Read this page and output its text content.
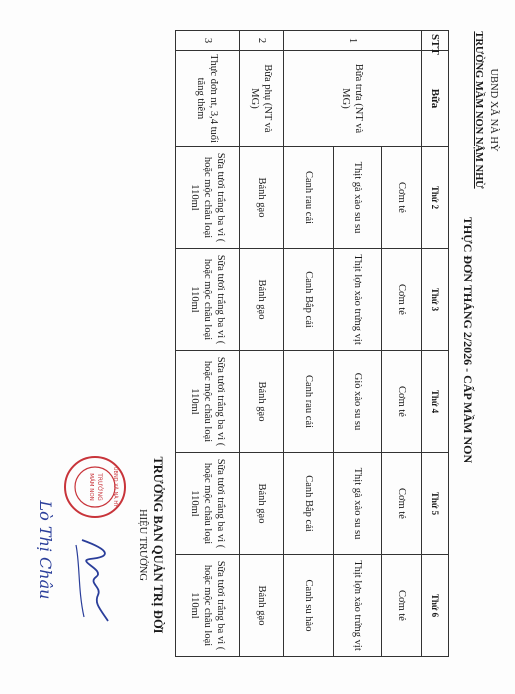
UBND XÃ NÀ HỲ
TRƯỜNG MẦM NON NẬM NHỪ
THỰC ĐƠN THÁNG 2/2026 - CẤP MẦM NON
STT	Bữa	Thứ 2	Thứ 3	Thứ 4	Thứ 5	Thứ 6
1	Bữa trưa (NT và MG)	Cơm tẻ	Cơm tẻ	Cơm tẻ	Cơm tẻ	Cơm tẻ
		Thịt gà xào su su	Thịt lợn xào trứng vịt	Giò xào su su	Thịt gà xào su su	Thịt lợn xào trứng vịt
		Canh rau cải	Canh Bắp cải	Canh rau cải	Canh Bắp cải	Canh su hào
2	Bữa phụ (NT và MG)	Bánh gạo	Bánh gạo	Bánh gạo	Bánh gạo	Bánh gạo
3	Thực đơn nt, 3,4 tuổi tăng thêm	Sữa tươi trắng ba vì ( hoặc mộc châu loại 110ml	Sữa tươi trắng ba vì ( hoặc mộc châu loại 110ml	Sữa tươi trắng ba vì ( hoặc mộc châu loại 110ml	Sữa tươi trắng ba vì ( hoặc mộc châu loại 110ml	Sữa tươi trắng ba vì ( hoặc mộc châu loại 110ml
TRƯỞNG BAN QUẢN TRỊ ĐỜI
HIỆU TRƯỞNG
TRƯỜNG
MẦM NON	UBND XÃ NÀ HỲ
Lò Thị Châu
